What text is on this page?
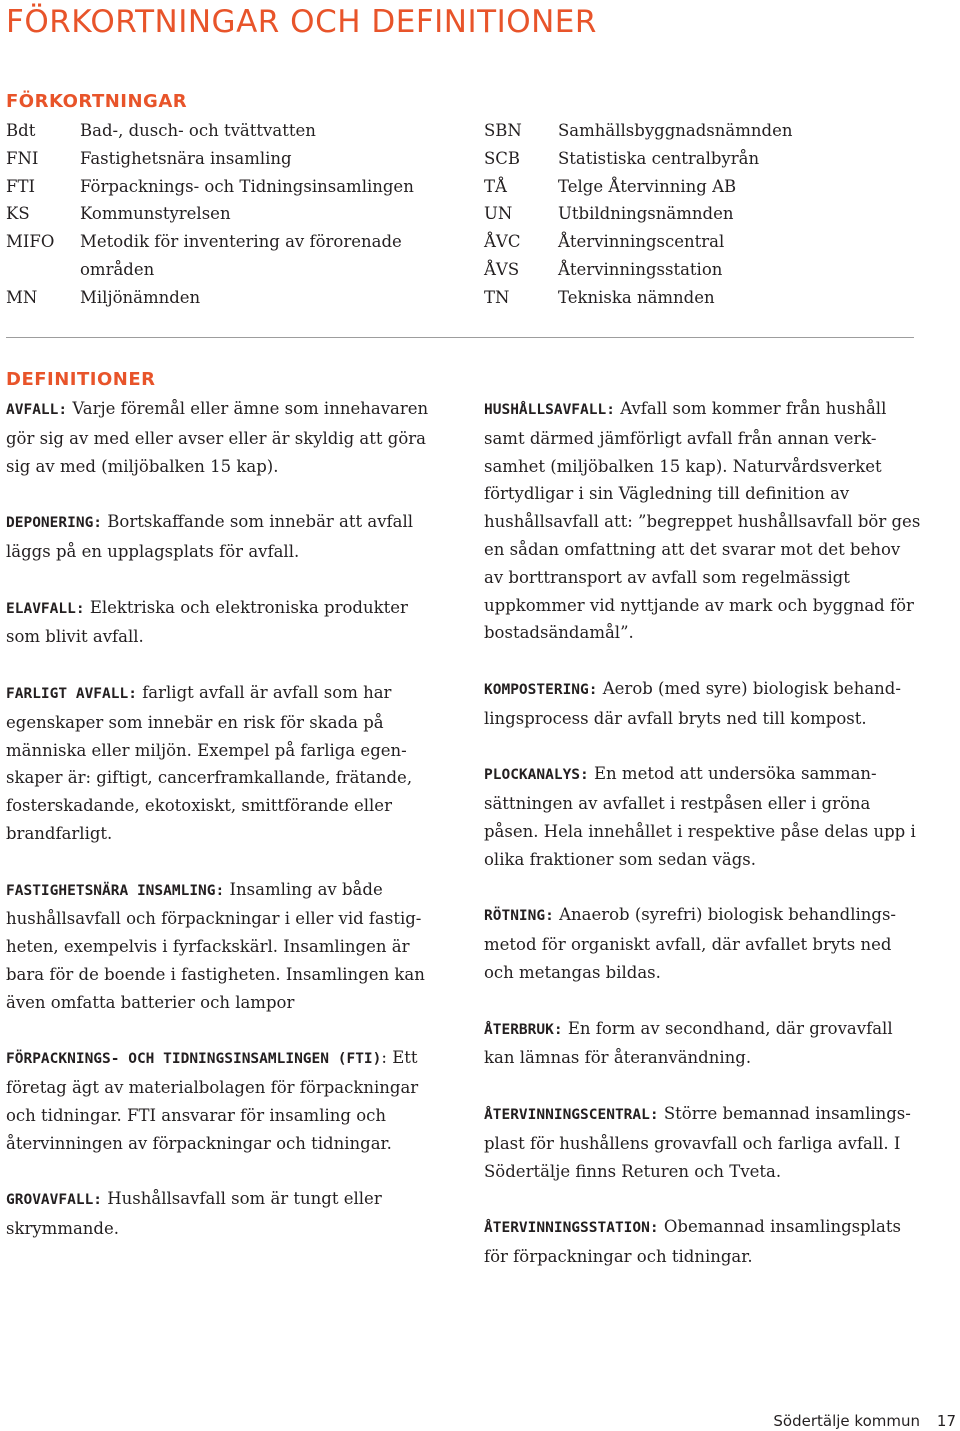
FÖRKORTNINGAR OCH DEFINITIONER
FÖRKORTNINGAR
Bdt	Bad-, dusch- och tvättvatten
FNI	Fastighetsnära insamling
FTI	Förpacknings- och Tidningsinsamlingen
KS	Kommunstyrelsen
MIFO	Metodik för inventering av förorenade
områden
MN	Miljönämnden
SBN	Samhällsbyggnadsnämnden
SCB	Statistiska centralbyrån
TÅ	Telge Återvinning AB
UN	Utbildningsnämnden
ÅVC	Återvinningscentral
ÅVS	Återvinningsstation
TN	Tekniska nämnden
DEFINITIONER

AVFALL: Varje föremål eller ämne som innehavaren gör sig av med eller avser eller är skyldig att göra sig av med (miljöbalken 15 kap).

DEPONERING: Bortskaffande som innebär att avfall läggs på en upplagsplats för avfall.

ELAVFALL: Elektriska och elektroniska produkter som blivit avfall.

FARLIGT AVFALL: farligt avfall är avfall som har egenskaper som innebär en risk för skada på människa eller miljön. Exempel på farliga egen-skaper är: giftigt, cancerframkallande, frätande, fosterskadande, ekotoxiskt, smittförande eller brandfarligt.

FASTIGHETSNÄRA INSAMLING: Insamling av både hushållsavfall och förpackningar i eller vid fastig-heten, exempelvis i fyrfackskärl. Insamlingen är bara för de boende i fastigheten. Insamlingen kan även omfatta batterier och lampor

FÖRPACKNINGS- OCH TIDNINGSINSAMLINGEN (FTI): Ett företag ägt av materialbolagen för förpackningar och tidningar. FTI ansvarar för insamling och återvinningen av förpackningar och tidningar.

GROVAVFALL: Hushållsavfall som är tungt eller skrymmande.

HUSHÅLLSAVFALL: Avfall som kommer från hushåll samt därmed jämförligt avfall från annan verk-samhet (miljöbalken 15 kap). Naturvårdsverket förtydligar i sin Vägledning till definition av hushållsavfall att: ”begreppet hushållsavfall bör ges en sådan omfattning att det svarar mot det behov av borttransport av avfall som regelmässigt uppkommer vid nyttjande av mark och byggnad för bostadsändamål”.

KOMPOSTERING: Aerob (med syre) biologisk behand-lingsprocess där avfall bryts ned till kompost.

PLOCKANALYS: En metod att undersöka samman-sättningen av avfallet i restpåsen eller i gröna påsen. Hela innehållet i respektive påse delas upp i olika fraktioner som sedan vägs.

RÖTNING: Anaerob (syrefri) biologisk behandlings-metod för organiskt avfall, där avfallet bryts ned och metangas bildas.

ÅTERBRUK: En form av secondhand, där grovavfall kan lämnas för återanvändning.

ÅTERVINNINGSCENTRAL: Större bemannad insamlings-plast för hushållens grovavfall och farliga avfall. I Södertälje finns Returen och Tveta.

ÅTERVINNINGSSTATION: Obemannad insamlingsplats för förpackningar och tidningar.

Södertälje kommun 17
